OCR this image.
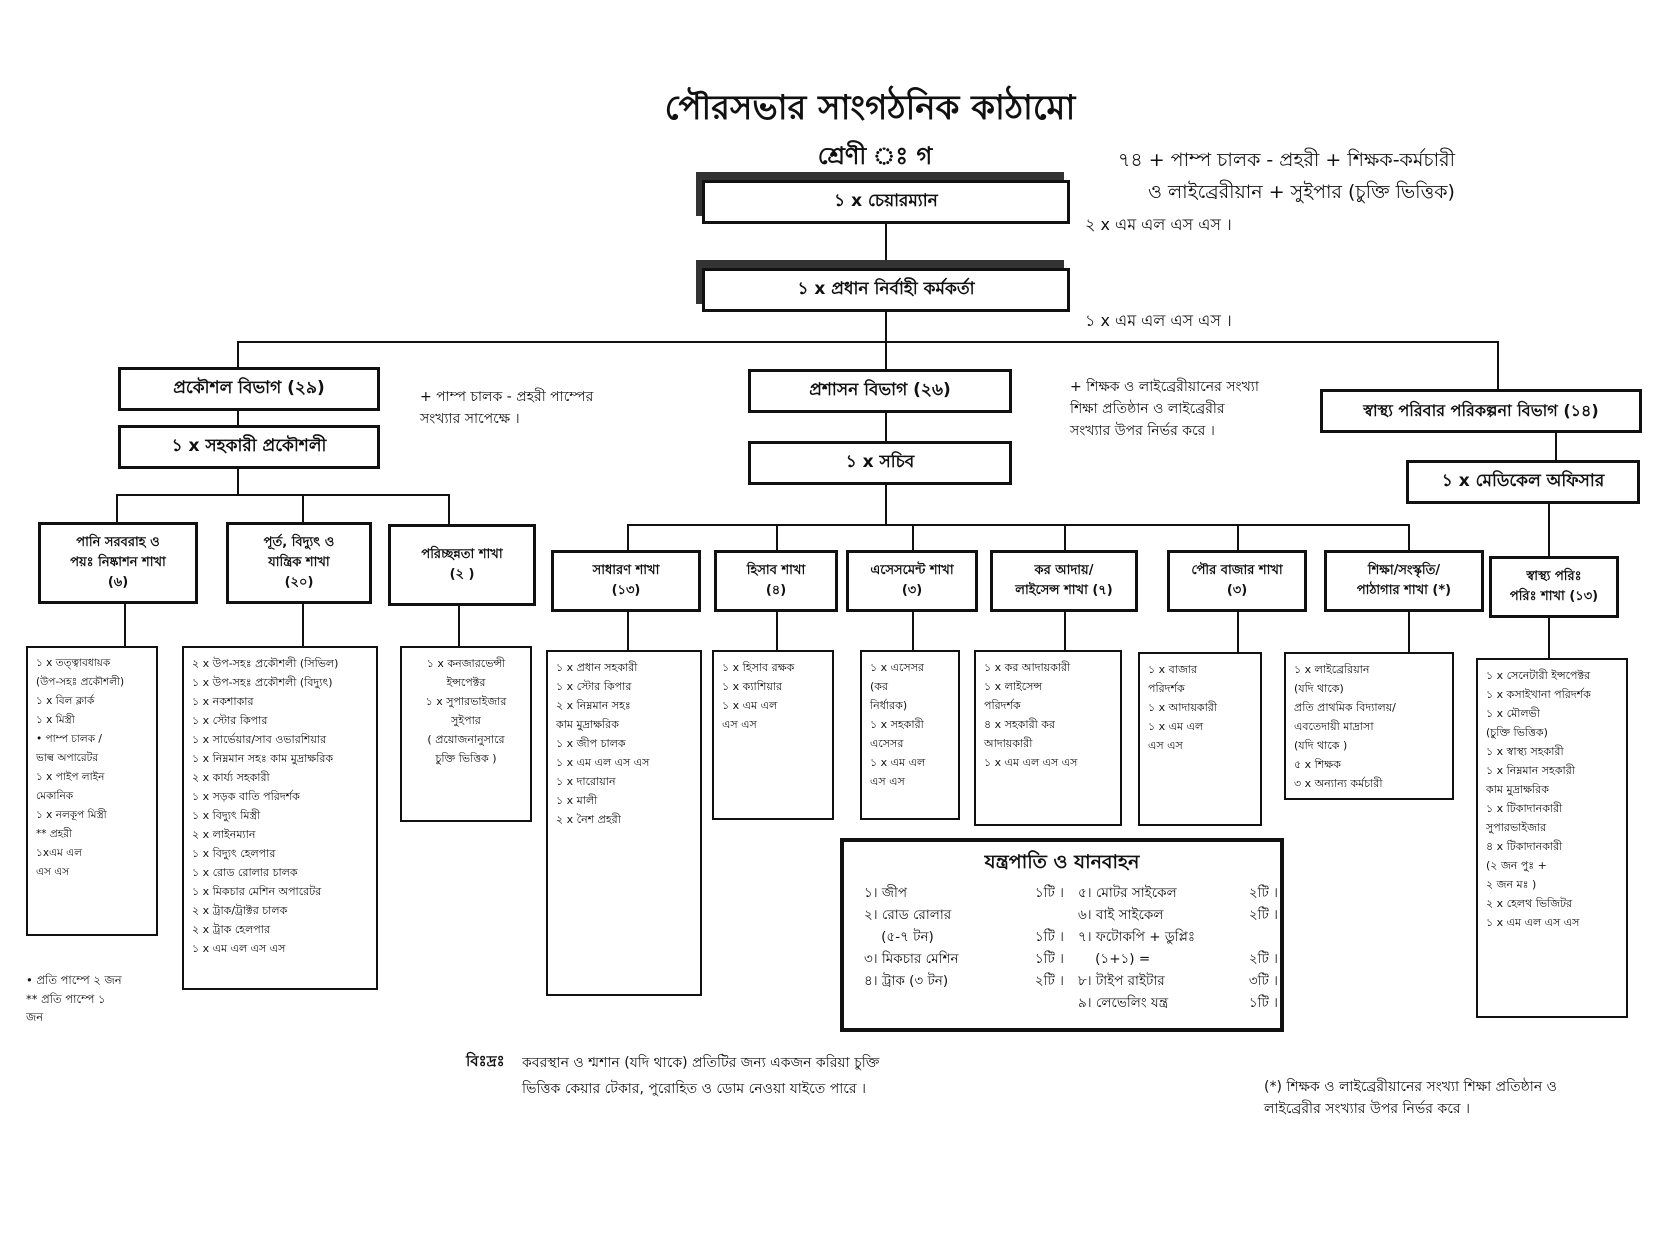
পৌরসভার সাংগঠনিক কাঠামো
শ্রেণী ঃ গ	৭৪ + পাম্প চালক - প্রহরী + শিক্ষক-কর্মচারী
ও লাইব্রেরীয়ান + সুইপার (চুক্তি ভিত্তিক)
১ x চেয়ারম্যান
২ x এম এল এস এস ।
১ x প্রধান নির্বাহী কর্মকর্তা
১ x এম এল এস এস ।
প্রকৌশল বিভাগ (২৯)
১ x সহকারী প্রকৌশলী
+ পাম্প চালক - প্রহরী পাম্পের
সংখ্যার সাপেক্ষে ।
প্রশাসন বিভাগ (২৬)
১ x সচিব
+ শিক্ষক ও লাইব্রেরীয়ানের সংখ্যা
শিক্ষা প্রতিষ্ঠান ও লাইব্রেরীর
সংখ্যার উপর নির্ভর করে ।
স্বাস্থ্য পরিবার পরিকল্পনা বিভাগ (১৪)
১ x মেডিকেল অফিসার
পানি সরবরাহ ও
পয়ঃ নিষ্কাশন শাখা
(৬)
পূর্ত, বিদ্যুৎ ও
যান্ত্রিক শাখা
(২০)
পরিচ্ছন্নতা শাখা
(২ )	সাধারণ শাখা
(১৩)
হিসাব শাখা
(৪)
এসেসমেন্ট শাখা
(৩)
কর আদায়/
লাইসেন্স শাখা (৭)
পৌর বাজার শাখা
(৩)
শিক্ষা/সংস্কৃতি/
পাঠাগার শাখা (*)
স্বাস্থ্য পরিঃ
পরিঃ শাখা (১৩)
১ x তত্ত্বাবধায়ক
(উপ-সহঃ প্রকৌশলী)
১ x বিল ক্লার্ক
১ x মিস্ত্রী
• পাম্প চালক /
ভাল্ব অপারেটর
১ x পাইপ লাইন
মেকানিক
১ x নলকূপ মিস্ত্রী
** প্রহরী
১xএম এল
এস এস
২ x উপ-সহঃ প্রকৌশলী (সিভিল)
১ x উপ-সহঃ প্রকৌশলী (বিদ্যুৎ)
১ x নকশাকার
১ x স্টোর কিপার
১ x সার্ভেয়ার/সাব ওভারশিয়ার
১ x নিম্নমান সহঃ কাম মুদ্রাক্ষরিক
২ x কার্য্য সহকারী
১ x সড়ক বাতি পরিদর্শক
১ x বিদ্যুৎ মিস্ত্রী
২ x লাইনম্যান
১ x বিদ্যুৎ হেলপার
১ x রোড রোলার চালক
১ x মিকচার মেশিন অপারেটর
২ x ট্রাক/ট্রাক্টর চালক
২ x ট্রাক হেলপার
১ x এম এল এস এস
১ x কনজারভেন্সী
ইন্সপেক্টর
১ x সুপারভাইজার
সুইপার
( প্রয়োজনানুসারে
চুক্তি ভিত্তিক )
১ x প্রধান সহকারী
১ x স্টোর কিপার
২ x নিম্নমান সহঃ
কাম মুদ্রাক্ষরিক
১ x জীপ চালক
১ x এম এল এস এস
১ x দারোয়ান
১ x মালী
২ x নৈশ প্রহরী
১ x হিসাব রক্ষক
১ x ক্যাশিয়ার
১ x এম এল
এস এস
১ x এসেসর
(কর
নির্ধারক)
১ x সহকারী
এসেসর
১ x এম এল
এস এস
১ x কর আদায়কারী
১ x লাইসেন্স
পরিদর্শক
৪ x সহকারী কর
আদায়কারী
১ x এম এল এস এস
১ x বাজার
পরিদর্শক
১ x আদায়কারী
১ x এম এল
এস এস
১ x লাইব্রেরিয়ান
(যদি থাকে)
প্রতি প্রাথমিক বিদ্যালয়/
এবতেদায়ী মাদ্রাসা
(যদি থাকে )
৫ x শিক্ষক
৩ x অন্যান্য কর্মচারী
১ x সেনেটারী ইন্সপেক্টর
১ x কসাইখানা পরিদর্শক
১ x মৌলভী
(চুক্তি ভিত্তিক)
১ x স্বাস্থ্য সহকারী
১ x নিম্নমান সহকারী
কাম মুদ্রাক্ষরিক
১ x টিকাদানকারী
সুপারভাইজার
৪ x টিকাদানকারী
(২ জন পুঃ +
২ জন মঃ )
২ x হেলথ ভিজিটর
১ x এম এল এস এস
যন্ত্রপাতি ও যানবাহন
১। জীপ	১টি ।
২। রোড রোলার
(৫-৭ টন)	১টি ।
৩। মিকচার মেশিন	১টি ।
৪। ট্রাক (৩ টন)	২টি ।
৫। মোটর সাইকেল	২টি ।
৬। বাই সাইকেল	২টি ।
৭। ফটোকপি + ডুপ্লিঃ
(১+১) =	২টি ।
৮। টাইপ রাইটার	৩টি ।
৯। লেভেলিং যন্ত্র	১টি ।
• প্রতি পাম্পে ২ জন
** প্রতি পাম্পে ১
জন
বিঃদ্রঃ	কবরস্থান ও শ্মশান (যদি থাকে) প্রতিটির জন্য একজন করিয়া চুক্তি
ভিত্তিক কেয়ার টেকার, পুরোহিত ও ডোম নেওয়া যাইতে পারে ।	(*) শিক্ষক ও লাইব্রেরীয়ানের সংখ্যা শিক্ষা প্রতিষ্ঠান ও
লাইব্রেরীর সংখ্যার উপর নির্ভর করে ।
